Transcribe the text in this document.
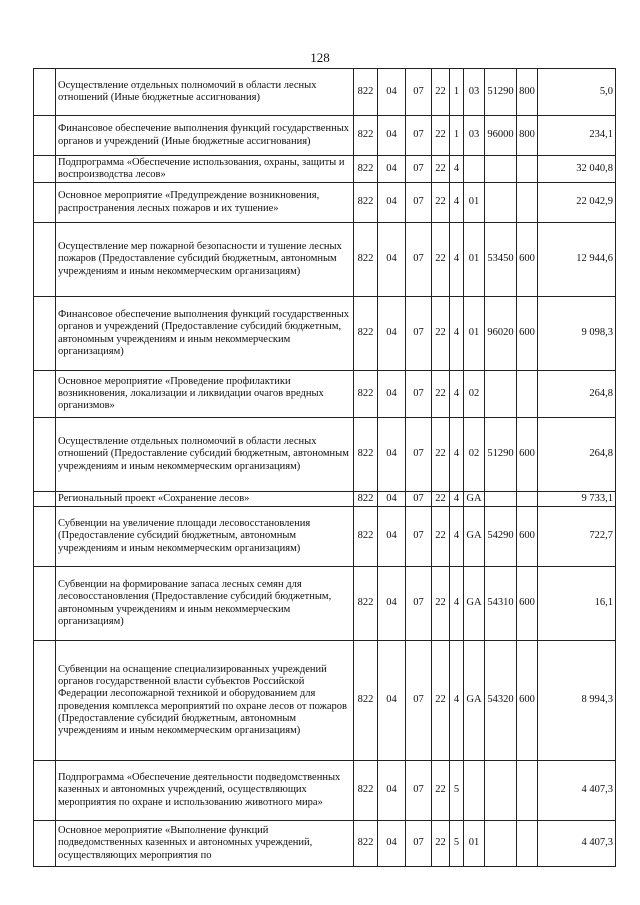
128
	Осуществление отдельных полномочий в области лесных отношений (Иные бюджетные ассигнования)	822	04	07	22	1	03	51290	800	5,0
	Финансовое обеспечение выполнения функций государственных органов и учреждений (Иные бюджетные ассигнования)	822	04	07	22	1	03	96000	800	234,1
	Подпрограмма «Обеспечение использования, охраны, защиты и воспроизводства лесов»	822	04	07	22	4				32 040,8
	Основное мероприятие «Предупреждение возникновения, распространения лесных пожаров и их тушение»	822	04	07	22	4	01			22 042,9
	Осуществление мер пожарной безопасности и тушение лесных пожаров (Предоставление субсидий бюджетным, автономным учреждениям и иным некоммерческим организациям)	822	04	07	22	4	01	53450	600	12 944,6
	Финансовое обеспечение выполнения функций государственных органов и учреждений (Предоставление субсидий бюджетным, автономным учреждениям и иным некоммерческим организациям)	822	04	07	22	4	01	96020	600	9 098,3
	Основное мероприятие «Проведение профилактики возникновения, локализации и ликвидации очагов вредных организмов»	822	04	07	22	4	02			264,8
	Осуществление отдельных полномочий в области лесных отношений (Предоставление субсидий бюджетным, автономным учреждениям и иным некоммерческим организациям)	822	04	07	22	4	02	51290	600	264,8
	Региональный проект «Сохранение лесов»	822	04	07	22	4	GA			9 733,1
	Субвенции на увеличение площади лесовосстановления (Предоставление субсидий бюджетным, автономным учреждениям и иным некоммерческим организациям)	822	04	07	22	4	GA	54290	600	722,7
	Субвенции на формирование запаса лесных семян для лесовосстановления (Предоставление субсидий бюджетным, автономным учреждениям и иным некоммерческим организациям)	822	04	07	22	4	GA	54310	600	16,1
	Субвенции на оснащение специализированных учреждений органов государственной власти субъектов Российской Федерации лесопожарной техникой и оборудованием для проведения комплекса мероприятий по охране лесов от пожаров (Предоставление субсидий бюджетным, автономным учреждениям и иным некоммерческим организациям)	822	04	07	22	4	GA	54320	600	8 994,3
	Подпрограмма «Обеспечение деятельности подведомственных казенных и автономных учреждений, осуществляющих мероприятия по охране и использованию животного мира»	822	04	07	22	5				4 407,3
	Основное мероприятие «Выполнение функций подведомственных казенных и автономных учреждений, осуществляющих мероприятия по	822	04	07	22	5	01			4 407,3
